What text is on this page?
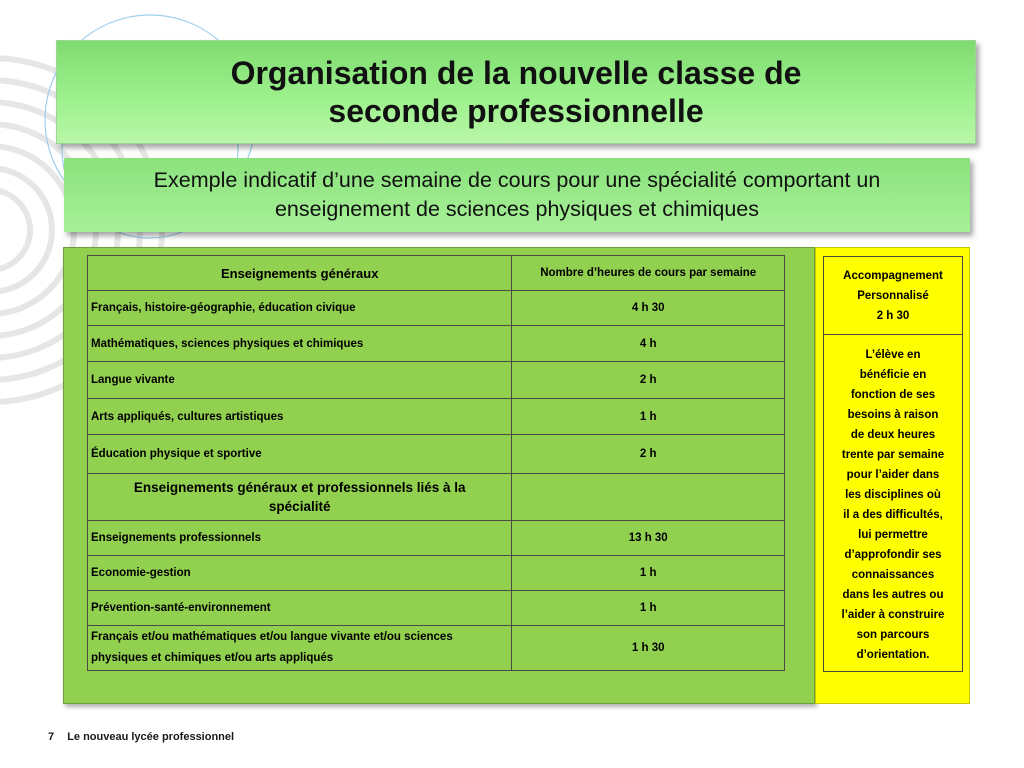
Organisation de la nouvelle classe de
seconde professionnelle
Exemple indicatif d’une semaine de cours pour une spécialité comportant un
enseignement de sciences physiques et chimiques
Enseignements généraux	Nombre d’heures de cours par semaine
Français, histoire-géographie, éducation civique	4 h 30
Mathématiques, sciences physiques et chimiques	4 h
Langue vivante	2 h
Arts appliqués, cultures artistiques	1 h
Éducation physique et sportive	2 h

Enseignements généraux et professionnels liés à la
spécialité	

Enseignements professionnels	13 h 30
Economie-gestion	1 h
Prévention-santé-environnement	1 h

Français et/ou mathématiques et/ou langue vivante et/ou sciences
physiques et chimiques et/ou arts appliqués	1 h 30
Accompagnement
Personnalisé
2 h 30
L’élève en
bénéficie en
fonction de ses
besoins à raison
de deux heures
trente par semaine
pour l’aider dans
les disciplines où
il a des difficultés,
lui permettre
d’approfondir ses
connaissances
dans les autres ou
l’aider à construire
son parcours
d’orientation.
7 Le nouveau lycée professionnel
